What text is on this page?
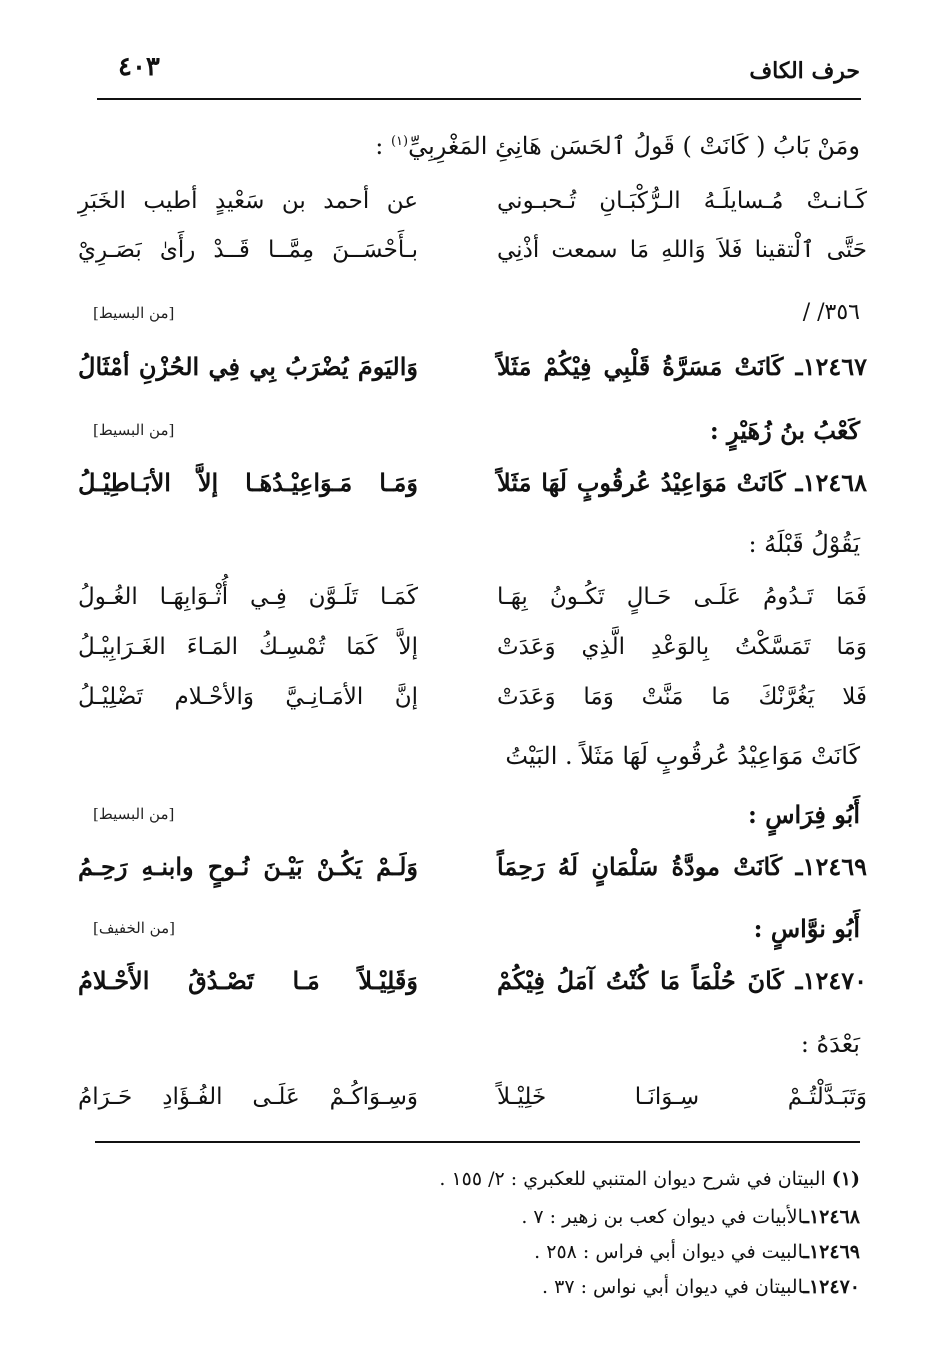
حرف الكاف
٤٠٣
ومَنْ بَابُ ( كَانَتْ ) قَولُ ٱلحَسَن هَانِئِ المَغْرِبِيِّ$^{(١)}$ :
كَـانـتْ مُـسايلَـهُ الـرُّكْبَـانِ تُـحبـوني
عن أحمد بن سَعْيدٍ أطيب الخَبَرِ
حَتَّى ٱلْتقينا فَلاَ وَاللهِ مَا سمعت أذْنِي
بـأَحْسَــنَ مِمَّــا قَــدْ رأَىٰ بَصَـرِيْ
٣٥٦/ /
[من البسيط]
١٢٤٦٧ـ كَانَتْ مَسَرَّةُ قَلْبِي فِيْكُمْ مَثَلاً
وَاليَومَ يُضْرَبُ بِي فِي الحُزْنِ أمْثَالُ
كَعْبُ بنُ زُهَيْرٍ :
[من البسيط]
١٢٤٦٨ـ كَانَتْ مَوَاعِيْدُ عُرقُوبٍ لَهَا مَثَلاً
وَمَـا مَـوَاعِيْـدُهَـا إلاَّ الأبَـاطِيْـلُ
يَقُوْلُ قَبْلَهُ :
فَمَا تَـدُومُ عَلَـى حَـالٍ تَكُـونُ بِهَـا
كَمَـا تَلَـوَّن فِـي أُثْـوَابِهَـا الغُـولُ
وَمَا تَمَسَّكْتُ بِالوَعْدِ الَّذِي وَعَدَتْ
إلاَّ كَمَا تُمْسِـكُ المَـاءَ الغَـرَابِيْـلُ
فَلا يَغُرَّنْكَ مَا مَنَّتْ وَمَا وَعَدَتْ
إنَّ الأمَـانِـيَّ وَالأحْـلام تَضْلِيْـلُ
كَانَتْ مَوَاعِيْدُ عُرقُوبٍ لَهَا مَثَلاً . البَيْتُ
أَبُو فِرَاسٍ :
[من البسيط]
١٢٤٦٩ـ كَانَتْ مودَّةُ سَلْمَانٍ لَهُ رَحِمَاً
وَلَـمْ يَكُـنْ بَيْـنَ نُـوحٍ وابنـهِ رَحِـمُ
أَبُو نوَّاسٍ :
[من الخفيف]
١٢٤٧٠ـ كَانَ حُلْمَاً مَا كُنْتُ آمَلُ فِيْكُمْ
وَقَلِيْـلاً مَـا تَصْـدُقُ الأَحْـلامُ
بَعْدَهُ :
وَتَبَـدَّلْتُـمْ سِـوَانَـا خَلِيْـلاً
وَسِـوَاكُـمْ عَلَـى الفُـؤَادِ حَـرَامُ
(١) البيتان في شرح ديوان المتنبي للعكبري : ٢/ ١٥٥ .
١٢٤٦٨ـالأبيات في ديوان كعب بن زهير : ٧ .
١٢٤٦٩ـالبيت في ديوان أبي فراس : ٢٥٨ .
١٢٤٧٠ـالبيتان في ديوان أبي نواس : ٣٧ .
